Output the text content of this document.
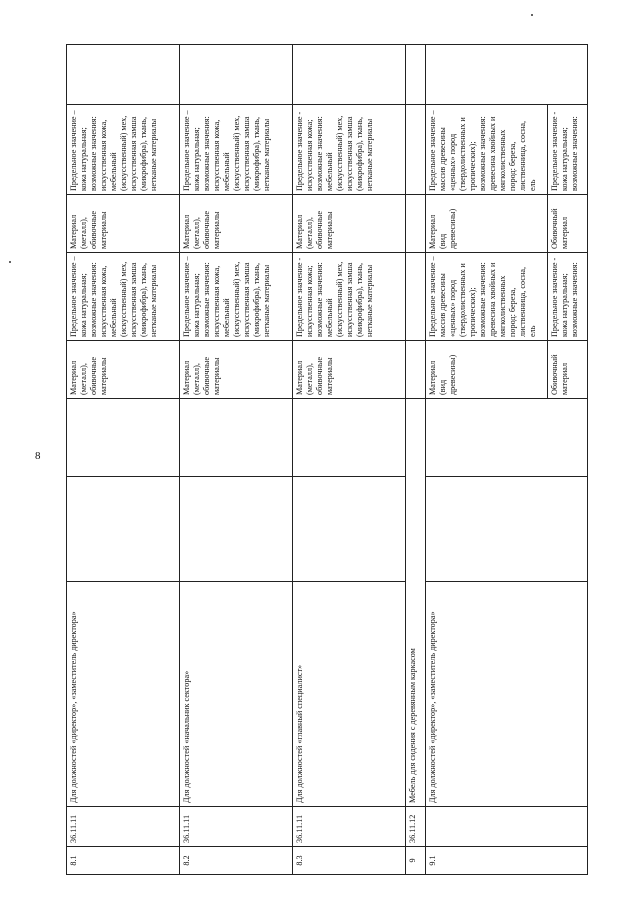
8
8.1	36.11.11	Для должностей «директор», «заместитель директора»			Материал (металл), обивочные материалы	Предельное значение – кожа натуральная; возможные значения: искусственная кожа, мебельный (искусственный) мех, искусственная замша (микрофибра), ткань, нетканые материалы	Материал (металл), обивочные материалы	Предельное значение – кожа натуральная; возможные значения: искусственная кожа, мебельный (искусственный) мех, искусственная замша (микрофибра), ткань, нетканые материалы	
8.2	36.11.11	Для должностей «начальник сектора»			Материал (металл), обивочные материалы	Предельное значение – кожа натуральная; возможные значения: искусственная кожа, мебельный (искусственный) мех, искусственная замша (микрофибра), ткань, нетканые материалы	Материал (металл), обивочные материалы	Предельное значение – кожа натуральная; возможные значения: искусственная кожа, мебельный (искусственный) мех, искусственная замша (микрофибра), ткань, нетканые материалы	
8.3	36.11.11	Для должностей «главный специалист»			Материал (металл), обивочные материалы	Предельное значение - искусственная кожа; возможные значения: мебельный (искусственный) мех, искусственная замша (микрофибра), ткань, нетканые материалы	Материал (металл), обивочные материалы	Предельное значение - искусственная кожа; возможные значения: мебельный (искусственный) мех, искусственная замша (микрофибра), ткань, нетканые материалы	
9	36.11.12	Мебель для сидения с деревянным каркасом							
9.1		Для должностей «директор», «заместитель директора»			Материал (вид древесины)	Предельное значение – массив древесины «ценных» пород (твердолиственных и тропических); возможные значения: древесина хвойных и мягколиственных пород: береза, лиственница, сосна, ель	Материал (вид древесины)	Предельное значение – массив древесины «ценных» пород (твердолиственных и тропических); возможные значения: древесина хвойных и мягколиственных пород: береза, лиственница, сосна, ель	
					Обивочный материал	Предельное значение - кожа натуральная; возможные значения:	Обивочный материал	Предельное значение - кожа натуральная; возможные значения:	
